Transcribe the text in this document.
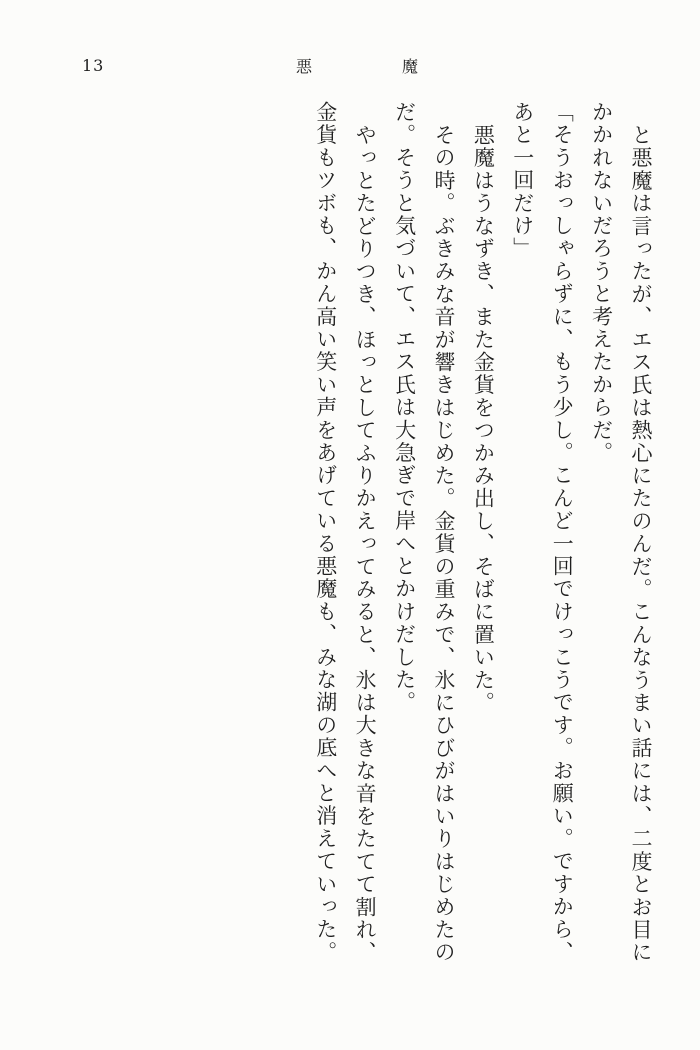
13	悪魔

と悪魔は言ったが、エス氏は熱心にたのんだ。こんなうまい話には、二度とお目に

かかれないだろうと考えたからだ。

「そうおっしゃらずに、もう少し。こんど一回でけっこうです。お願い。ですから、

あと一回だけ」

悪魔はうなずき、また金貨をつかみ出し、そばに置いた。

その時。ぶきみな音が響きはじめた。金貨の重みで、氷にひびがはいりはじめたの

だ。そうと気づいて、エス氏は大急ぎで岸へとかけだした。

やっとたどりつき、ほっとしてふりかえってみると、氷は大きな音をたてて割れ、

金貨もツボも、かん高い笑い声をあげている悪魔も、みな湖の底へと消えていった。
